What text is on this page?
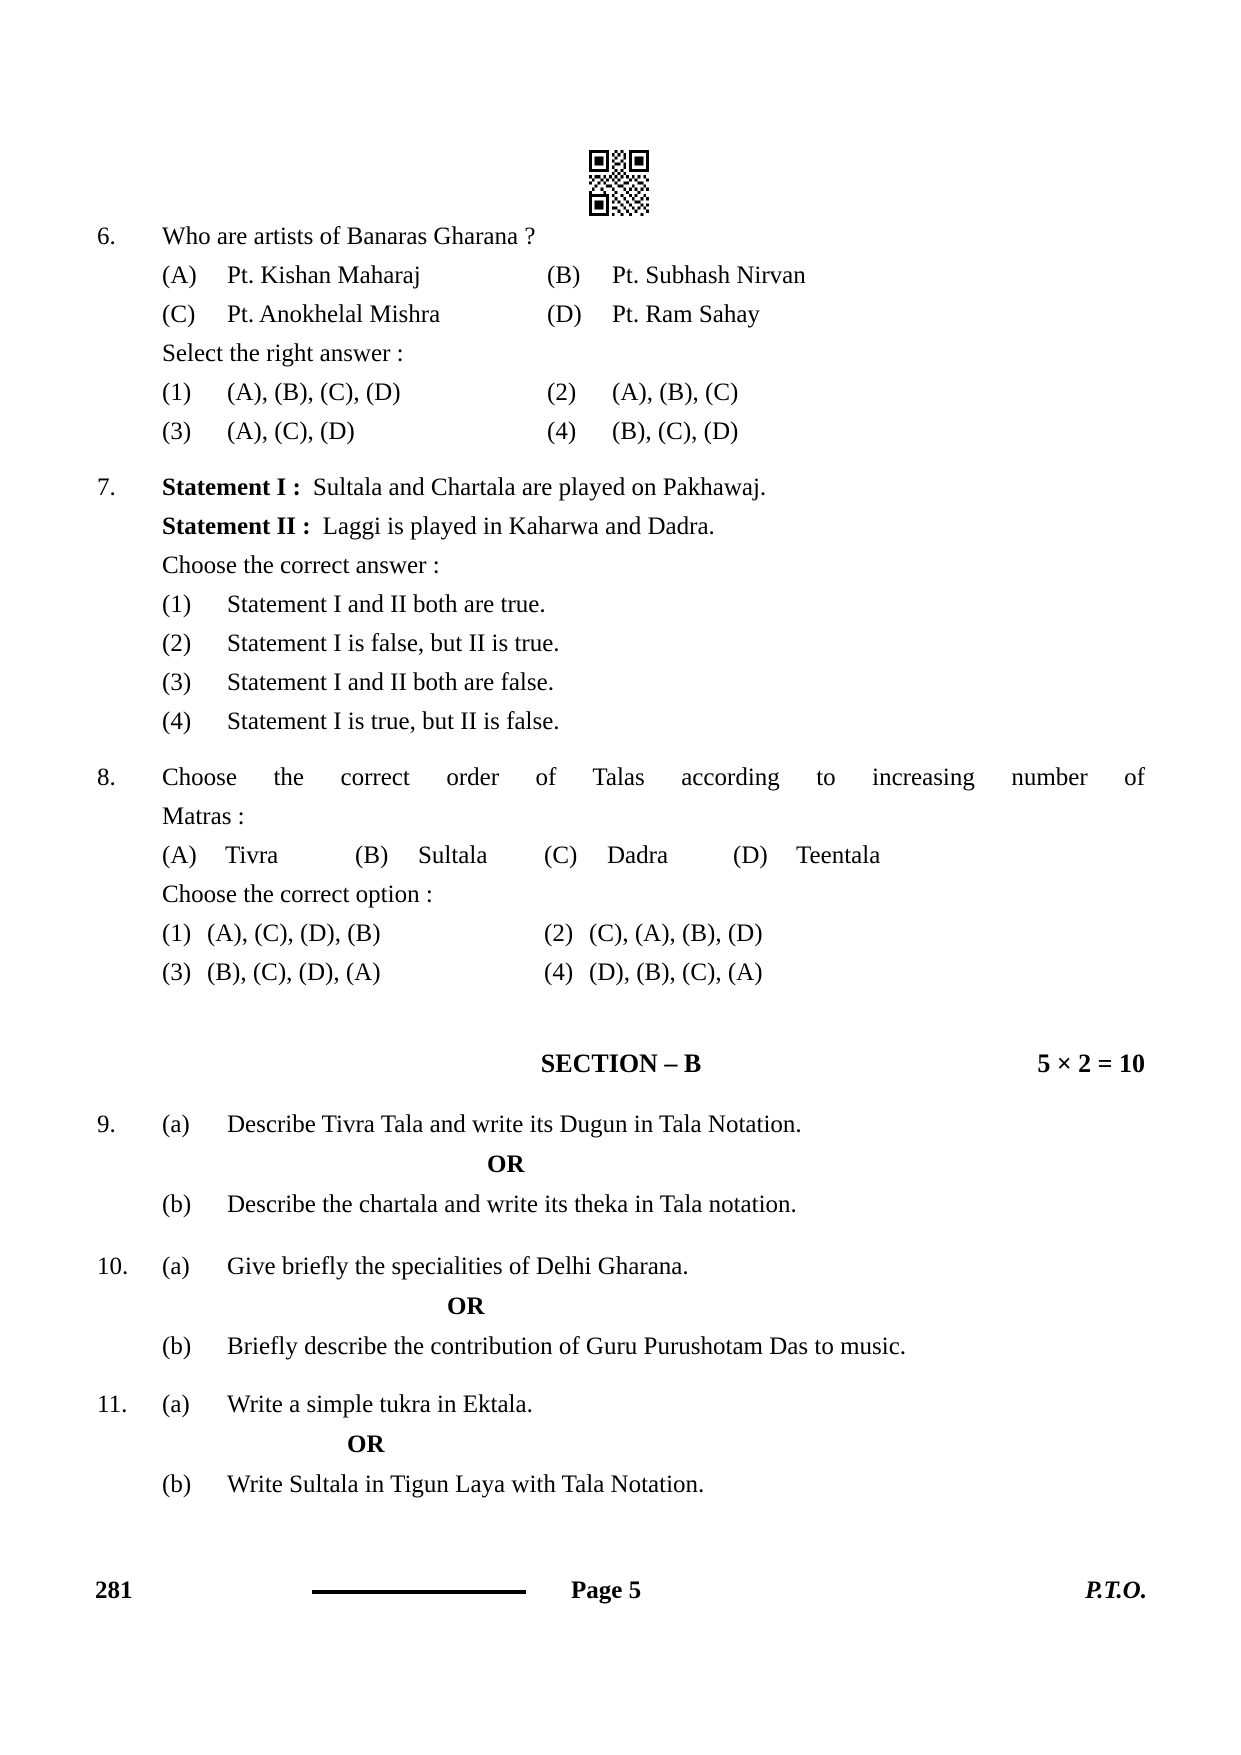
6.	Who are artists of Banaras Gharana ?
(A)	Pt. Kishan Maharaj	(B)	Pt. Subhash Nirvan
(C)	Pt. Anokhelal Mishra	(D)	Pt. Ram Sahay
Select the right answer :
(1)	(A), (B), (C), (D)	(2)	(A), (B), (C)
(3)	(A), (C), (D)	(4)	(B), (C), (D)
7.	Statement I : Sultala and Chartala are played on Pakhawaj.
Statement II : Laggi is played in Kaharwa and Dadra.
Choose the correct answer :
(1)	Statement I and II both are true.
(2)	Statement I is false, but II is true.
(3)	Statement I and II both are false.
(4)	Statement I is true, but II is false.
8.	Choose the correct order of Talas according to increasing number of
Matras :
(A)	Tivra	(B)	Sultala	(C)	Dadra	(D)	Teentala
Choose the correct option :
(1) (A), (C), (D), (B)	(2) (C), (A), (B), (D)
(3) (B), (C), (D), (A)	(4) (D), (B), (C), (A)
SECTION – B	5 × 2 = 10
9.	(a)	Describe Tivra Tala and write its Dugun in Tala Notation.
OR
(b)	Describe the chartala and write its theka in Tala notation.
10.	(a)	Give briefly the specialities of Delhi Gharana.
OR
(b)	Briefly describe the contribution of Guru Purushotam Das to music.
11.	(a)	Write a simple tukra in Ektala.
OR
(b)	Write Sultala in Tigun Laya with Tala Notation.
281	Page 5	P.T.O.
